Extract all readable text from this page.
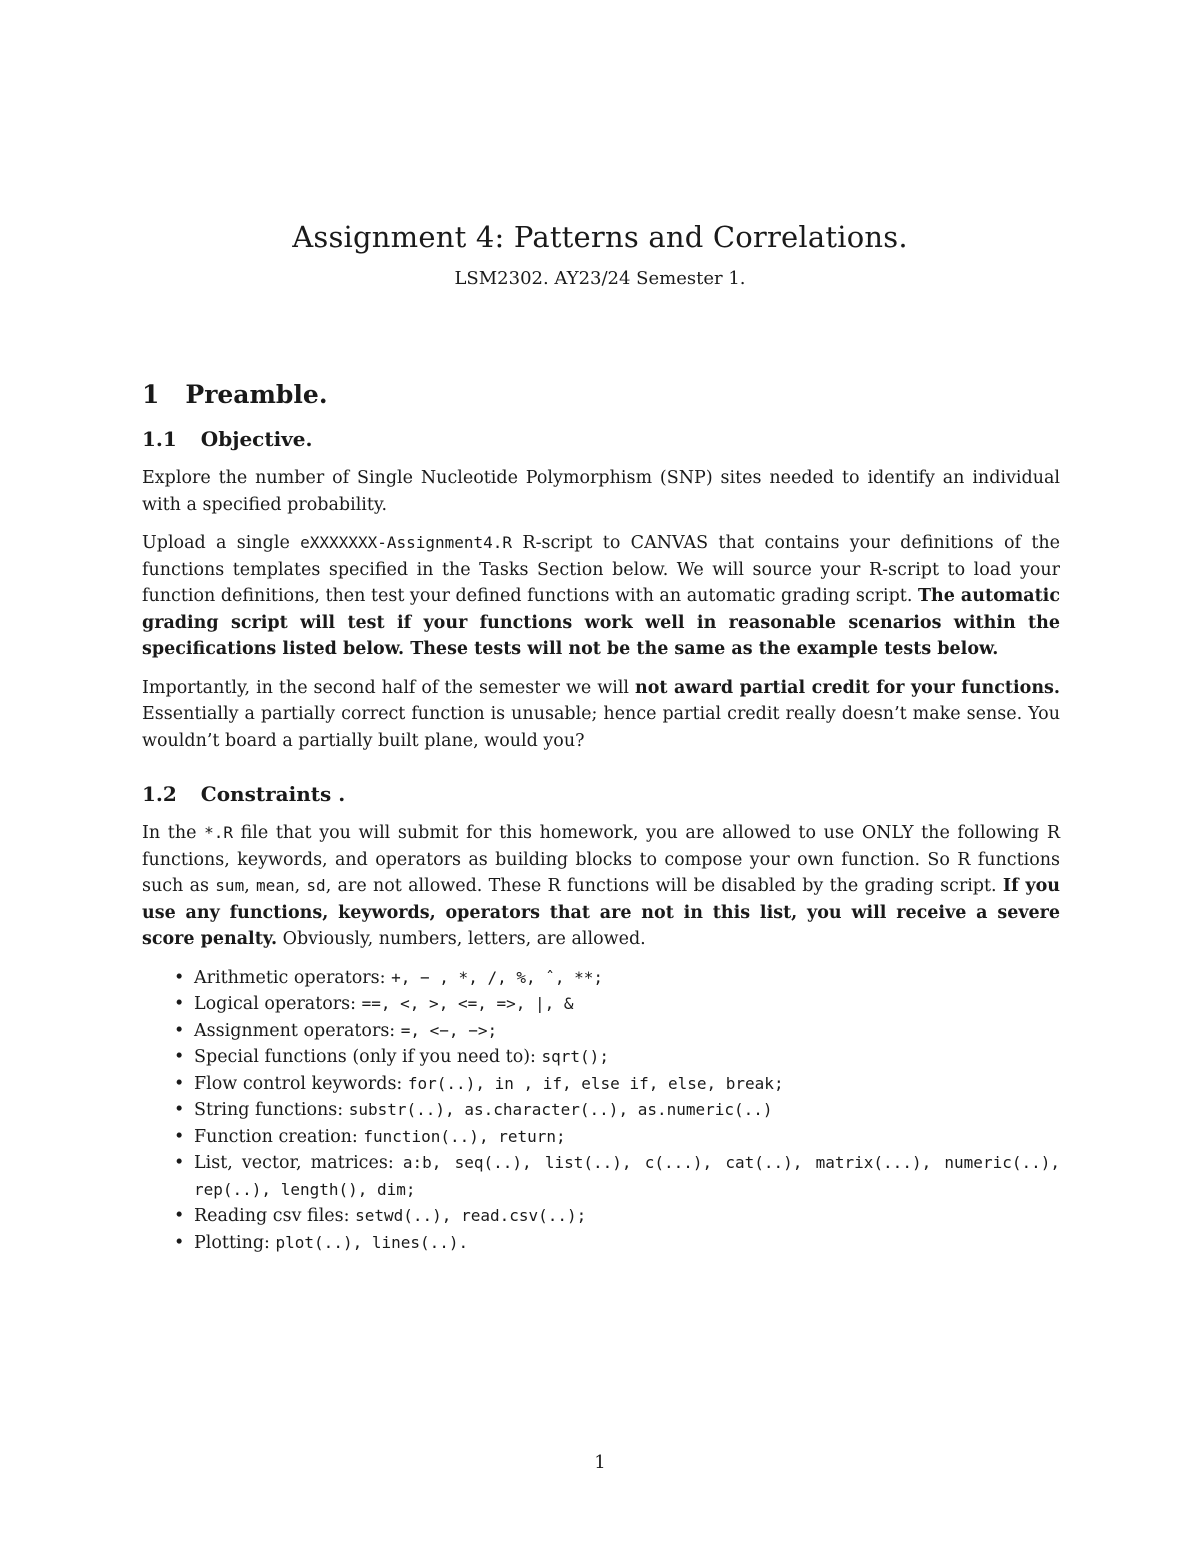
Assignment 4: Patterns and Correlations.
LSM2302. AY23/24 Semester 1.
1 Preamble.
1.1 Objective.

Explore the number of Single Nucleotide Polymorphism (SNP) sites needed to identify an individual with a specified probability.

Upload a single eXXXXXXX-Assignment4.R R-script to CANVAS that contains your definitions of the functions templates specified in the Tasks Section below. We will source your R-script to load your function definitions, then test your defined functions with an automatic grading script. The automatic grading script will test if your functions work well in reasonable scenarios within the specifications listed below. These tests will not be the same as the example tests below.

Importantly, in the second half of the semester we will not award partial credit for your functions. Essentially a partially correct function is unusable; hence partial credit really doesn’t make sense. You wouldn’t board a partially built plane, would you?

1.2 Constraints .

In the *.R file that you will submit for this homework, you are allowed to use ONLY the following R functions, keywords, and operators as building blocks to compose your own function. So R functions such as sum, mean, sd, are not allowed. These R functions will be disabled by the grading script. If you use any functions, keywords, operators that are not in this list, you will receive a severe score penalty. Obviously, numbers, letters, are allowed.

• Arithmetic operators: +, − , *, /, %, ˆ, **;
• Logical operators: ==, <, >, <=, =>, |, &
• Assignment operators: =, <−, −>;
• Special functions (only if you need to): sqrt();
• Flow control keywords: for(..), in , if, else if, else, break;
• String functions: substr(..), as.character(..), as.numeric(..)
• Function creation: function(..), return;
• List, vector, matrices: a:b, seq(..), list(..), c(...), cat(..), matrix(...), numeric(..), rep(..), length(), dim;
• Reading csv files: setwd(..), read.csv(..);
• Plotting: plot(..), lines(..).
1
